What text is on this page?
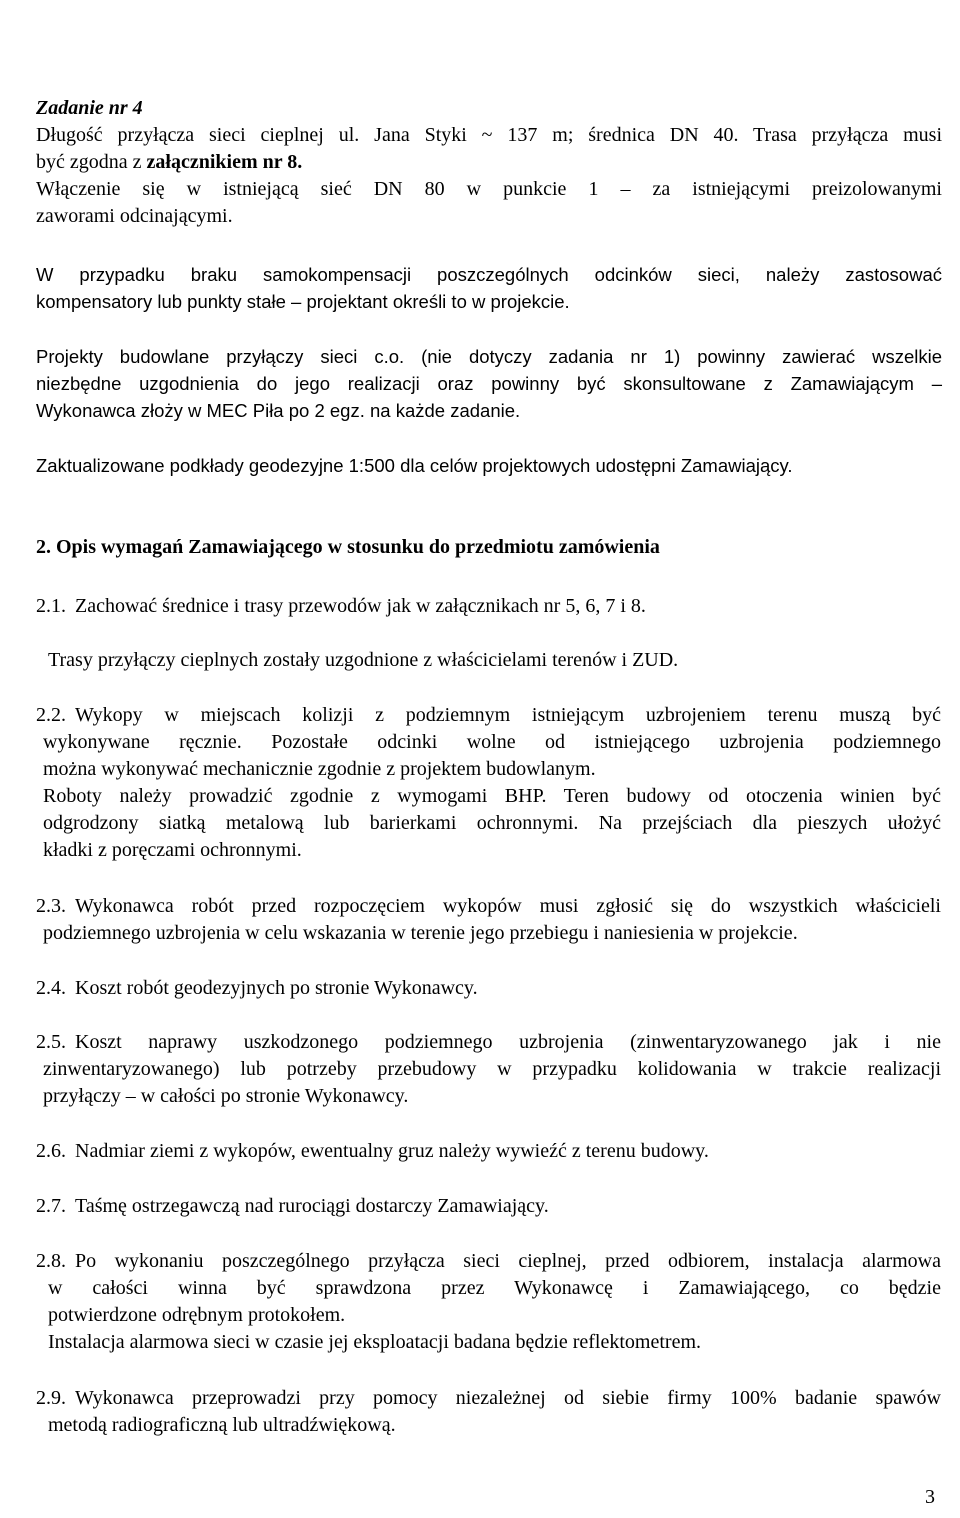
Zadanie nr 4
Długość przyłącza sieci cieplnej ul. Jana Styki ~ 137 m; średnica DN 40. Trasa przyłącza musi
być zgodna z załącznikiem nr 8.
Włączenie się w istniejącą sieć DN 80 w punkcie 1 – za istniejącymi preizolowanymi
zaworami odcinającymi.
W przypadku braku samokompensacji poszczególnych odcinków sieci, należy zastosować
kompensatory lub punkty stałe – projektant określi to w projekcie.
Projekty budowlane przyłączy sieci c.o. (nie dotyczy zadania nr 1) powinny zawierać wszelkie
niezbędne uzgodnienia do jego realizacji oraz powinny być skonsultowane z Zamawiającym –
Wykonawca złoży w MEC Piła po 2 egz. na każde zadanie.
Zaktualizowane podkłady geodezyjne 1:500 dla celów projektowych udostępni Zamawiający.
2. Opis wymagań Zamawiającego w stosunku do przedmiotu zamówienia
2.1. Zachować średnice i trasy przewodów jak w załącznikach nr 5, 6, 7 i 8.
Trasy przyłączy cieplnych zostały uzgodnione z właścicielami terenów i ZUD.
2.2. Wykopy w miejscach kolizji z podziemnym istniejącym uzbrojeniem terenu muszą być
wykonywane ręcznie. Pozostałe odcinki wolne od istniejącego uzbrojenia podziemnego
można wykonywać mechanicznie zgodnie z projektem budowlanym.
Roboty należy prowadzić zgodnie z wymogami BHP. Teren budowy od otoczenia winien być
odgrodzony siatką metalową lub barierkami ochronnymi. Na przejściach dla pieszych ułożyć
kładki z poręczami ochronnymi.
2.3. Wykonawca robót przed rozpoczęciem wykopów musi zgłosić się do wszystkich właścicieli
podziemnego uzbrojenia w celu wskazania w terenie jego przebiegu i naniesienia w projekcie.
2.4. Koszt robót geodezyjnych po stronie Wykonawcy.
2.5. Koszt naprawy uszkodzonego podziemnego uzbrojenia (zinwentaryzowanego jak i nie
zinwentaryzowanego) lub potrzeby przebudowy w przypadku kolidowania w trakcie realizacji
przyłączy – w całości po stronie Wykonawcy.
2.6. Nadmiar ziemi z wykopów, ewentualny gruz należy wywieźć z terenu budowy.
2.7. Taśmę ostrzegawczą nad rurociągi dostarczy Zamawiający.
2.8. Po wykonaniu poszczególnego przyłącza sieci cieplnej, przed odbiorem, instalacja alarmowa
w całości winna być sprawdzona przez Wykonawcę i Zamawiającego, co będzie
potwierdzone odrębnym protokołem.
Instalacja alarmowa sieci w czasie jej eksploatacji badana będzie reflektometrem.
2.9. Wykonawca przeprowadzi przy pomocy niezależnej od siebie firmy 100% badanie spawów
metodą radiograficzną lub ultradźwiękową.
3
